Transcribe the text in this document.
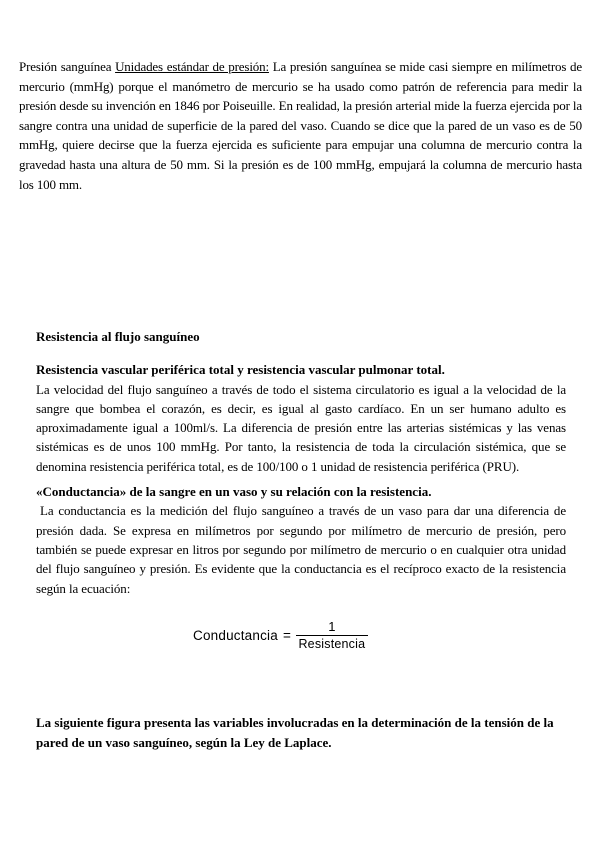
Presión sanguínea Unidades estándar de presión: La presión sanguínea se mide casi siempre en milímetros de mercurio (mmHg) porque el manómetro de mercurio se ha usado como patrón de referencia para medir la presión desde su invención en 1846 por Poiseuille. En realidad, la presión arterial mide la fuerza ejercida por la sangre contra una unidad de superficie de la pared del vaso. Cuando se dice que la pared de un vaso es de 50 mmHg, quiere decirse que la fuerza ejercida es suficiente para empujar una columna de mercurio contra la gravedad hasta una altura de 50 mm. Si la presión es de 100 mmHg, empujará la columna de mercurio hasta los 100 mm.

Resistencia al flujo sanguíneo

Resistencia vascular periférica total y resistencia vascular pulmonar total.

La velocidad del flujo sanguíneo a través de todo el sistema circulatorio es igual a la velocidad de la sangre que bombea el corazón, es decir, es igual al gasto cardíaco. En un ser humano adulto es aproximadamente igual a 100ml/s. La diferencia de presión entre las arterias sistémicas y las venas sistémicas es de unos 100 mmHg. Por tanto, la resistencia de toda la circulación sistémica, que se denomina resistencia periférica total, es de 100/100 o 1 unidad de resistencia periférica (PRU).

«Conductancia» de la sangre en un vaso y su relación con la resistencia.

La conductancia es la medición del flujo sanguíneo a través de un vaso para dar una diferencia de presión dada. Se expresa en milímetros por segundo por milímetro de mercurio de presión, pero también se puede expresar en litros por segundo por milímetro de mercurio o en cualquier otra unidad del flujo sanguíneo y presión. Es evidente que la conductancia es el recíproco exacto de la resistencia según la ecuación:

Conductancia = $\frac{1}{\text{Resistencia}}$

La siguiente figura presenta las variables involucradas en la determinación de la tensión de la pared de un vaso sanguíneo, según la Ley de Laplace.
